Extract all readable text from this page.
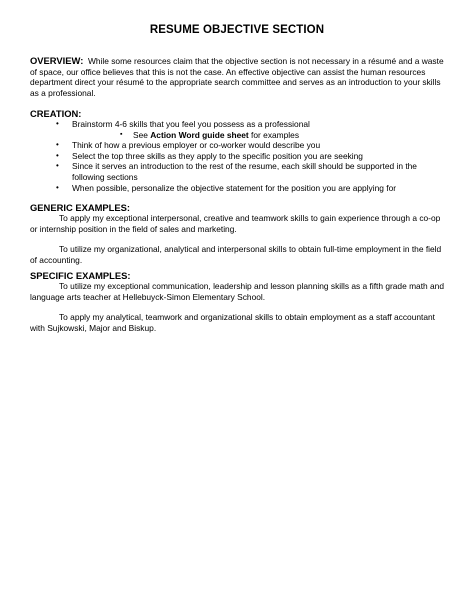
RESUME OBJECTIVE SECTION
OVERVIEW: While some resources claim that the objective section is not necessary in a résumé and a waste of space, our office believes that this is not the case. An effective objective can assist the human resources department direct your résumé to the appropriate search committee and serves as an introduction to your skills as a professional.
CREATION:
• Brainstorm 4-6 skills that you feel you possess as a professional
▪ See Action Word guide sheet for examples
• Think of how a previous employer or co-worker would describe you
• Select the top three skills as they apply to the specific position you are seeking
• Since it serves an introduction to the rest of the resume, each skill should be supported in the following sections
• When possible, personalize the objective statement for the position you are applying for
GENERIC EXAMPLES:
To apply my exceptional interpersonal, creative and teamwork skills to gain experience through a co-op or internship position in the field of sales and marketing.
To utilize my organizational, analytical and interpersonal skills to obtain full-time employment in the field of accounting.
SPECIFIC EXAMPLES:
To utilize my exceptional communication, leadership and lesson planning skills as a fifth grade math and language arts teacher at Hellebuyck-Simon Elementary School.
To apply my analytical, teamwork and organizational skills to obtain employment as a staff accountant with Sujkowski, Major and Biskup.
